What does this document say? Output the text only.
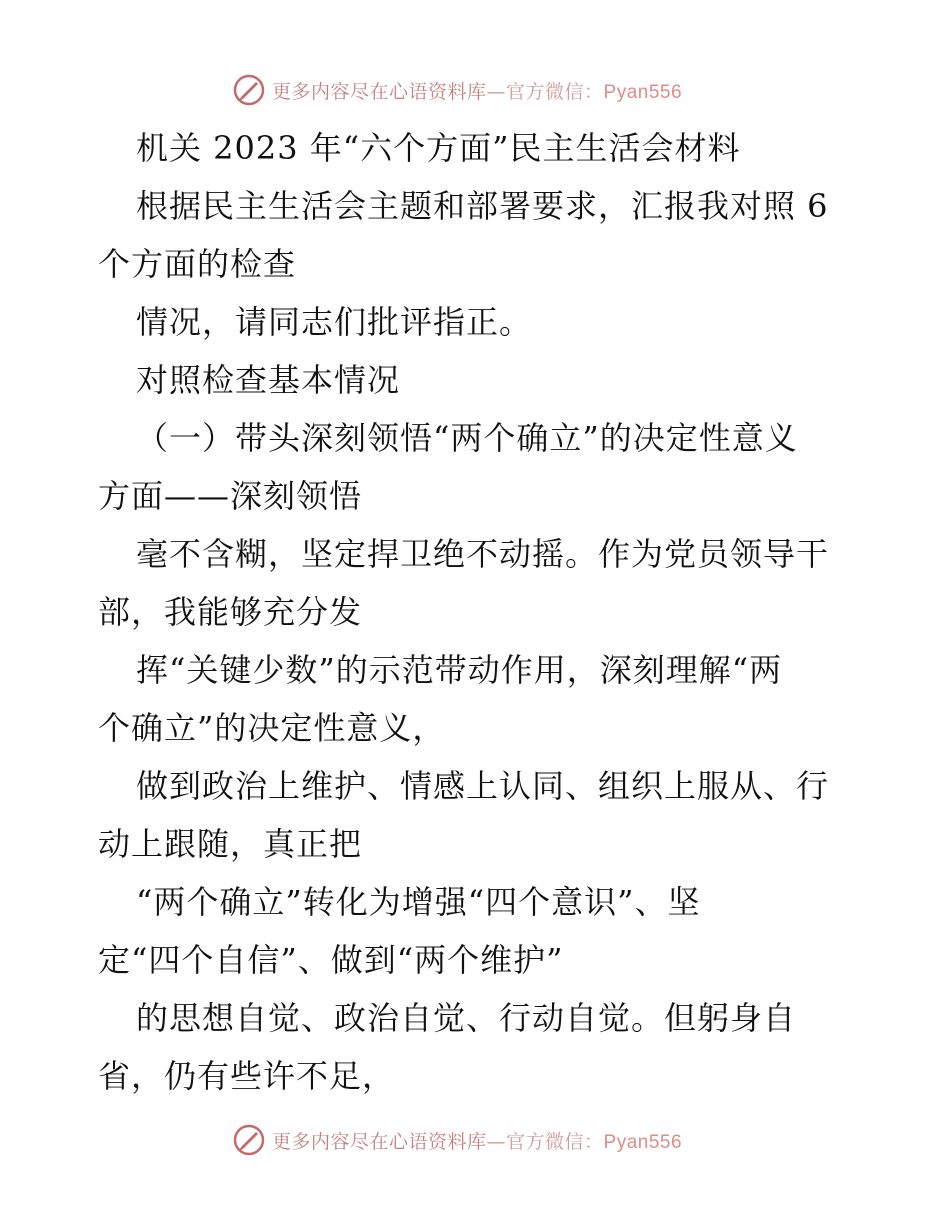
更多内容尽在心语资料库—官方微信：Pyan556
机关 2023 年“六个方面”民主生活会材料
根据民主生活会主题和部署要求，汇报我对照 6
个方面的检查
情况，请同志们批评指正。
对照检查基本情况
（一）带头深刻领悟“两个确立”的决定性意义
方面——深刻领悟
毫不含糊，坚定捍卫绝不动摇。作为党员领导干
部，我能够充分发
挥“关键少数”的示范带动作用，深刻理解“两
个确立”的决定性意义，
做到政治上维护、情感上认同、组织上服从、行
动上跟随，真正把
“两个确立”转化为增强“四个意识”、坚
定“四个自信”、做到“两个维护”
的思想自觉、政治自觉、行动自觉。但躬身自
省，仍有些许不足，
更多内容尽在心语资料库—官方微信：Pyan556
